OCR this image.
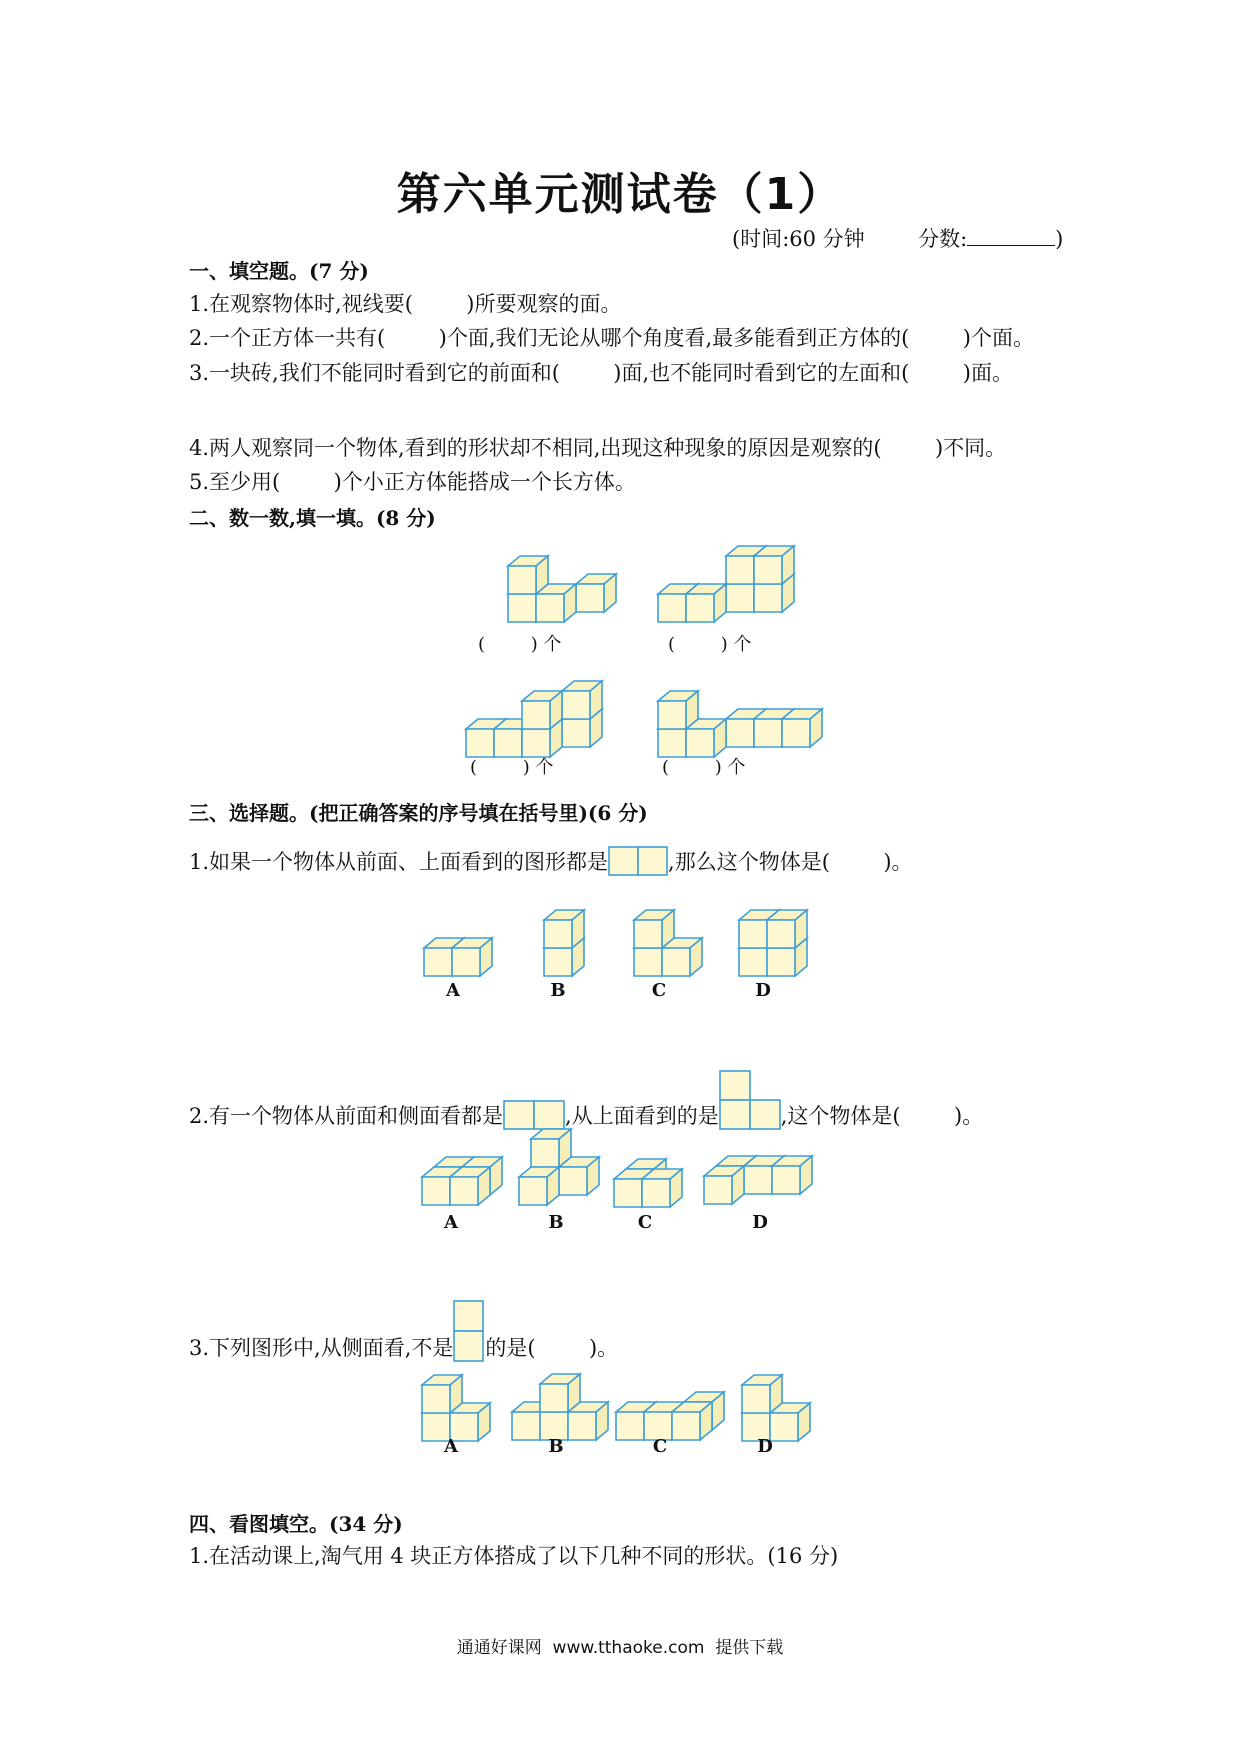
第六单元测试卷（1）
(时间:60 分钟	分数:	)
一、填空题。(7 分)
1.在观察物体时,视线要(        )所要观察的面。
2.一个正方体一共有(        )个面,我们无论从哪个角度看,最多能看到正方体的(        )个面。
3.一块砖,我们不能同时看到它的前面和(        )面,也不能同时看到它的左面和(        )面。
4.两人观察同一个物体,看到的形状却不相同,出现这种现象的原因是观察的(        )不同。
5.至少用(        )个小正方体能搭成一个长方体。
二、数一数,填一填。(8 分)
(        ) 个	(        ) 个
(        ) 个	(        ) 个
三、选择题。(把正确答案的序号填在括号里)(6 分)
1.如果一个物体从前面、上面看到的图形都是	,那么这个物体是(        )。
A	B	C	D
2.有一个物体从前面和侧面看都是	,从上面看到的是	,这个物体是(        )。
A	B	C	D
3.下列图形中,从侧面看,不是 的是(        )。
A	B	C	D
四、看图填空。(34 分)
1.在活动课上,淘气用 4 块正方体搭成了以下几种不同的形状。(16 分)
通通好课网  www.tthaoke.com  提供下载
